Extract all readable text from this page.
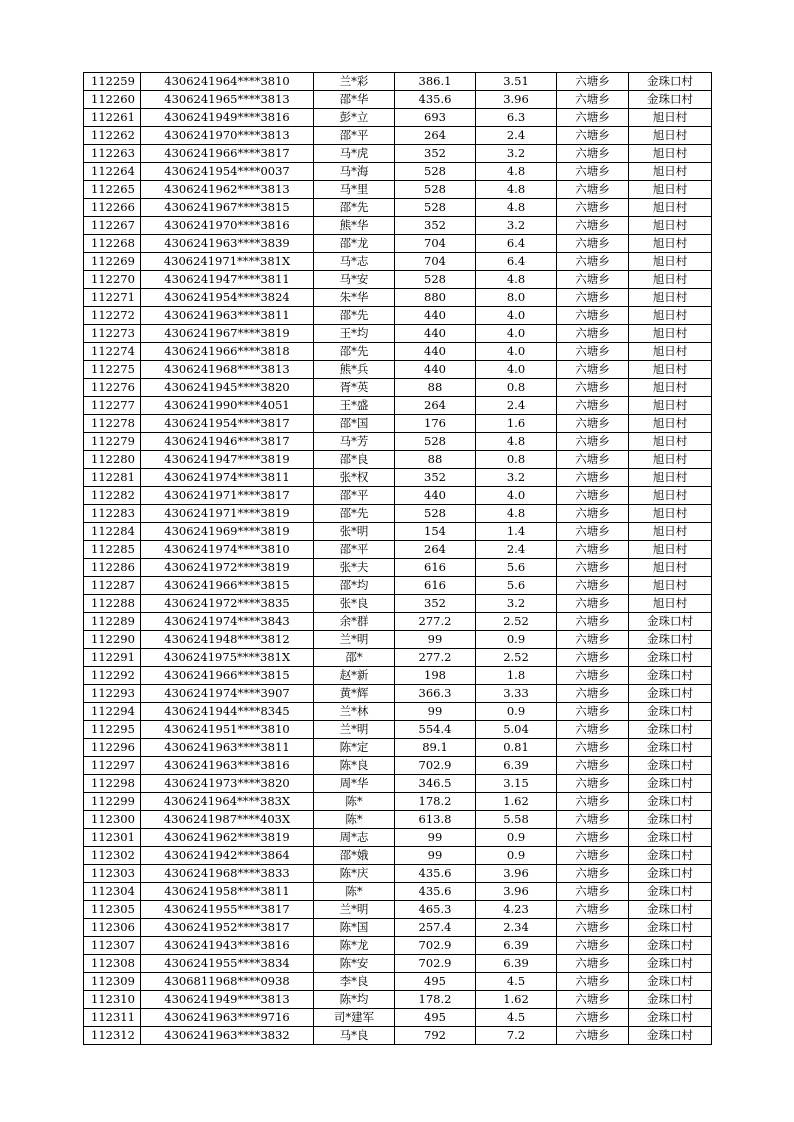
112259	4306241964****3810	兰*彩	386.1	3.51	六塘乡	金珠口村
112260	4306241965****3813	邵*华	435.6	3.96	六塘乡	金珠口村
112261	4306241949****3816	彭*立	693	6.3	六塘乡	旭日村
112262	4306241970****3813	邵*平	264	2.4	六塘乡	旭日村
112263	4306241966****3817	马*虎	352	3.2	六塘乡	旭日村
112264	4306241954****0037	马*海	528	4.8	六塘乡	旭日村
112265	4306241962****3813	马*里	528	4.8	六塘乡	旭日村
112266	4306241967****3815	邵*先	528	4.8	六塘乡	旭日村
112267	4306241970****3816	熊*华	352	3.2	六塘乡	旭日村
112268	4306241963****3839	邵*龙	704	6.4	六塘乡	旭日村
112269	4306241971****381X	马*志	704	6.4	六塘乡	旭日村
112270	4306241947****3811	马*安	528	4.8	六塘乡	旭日村
112271	4306241954****3824	朱*华	880	8.0	六塘乡	旭日村
112272	4306241963****3811	邵*先	440	4.0	六塘乡	旭日村
112273	4306241967****3819	王*均	440	4.0	六塘乡	旭日村
112274	4306241966****3818	邵*先	440	4.0	六塘乡	旭日村
112275	4306241968****3813	熊*兵	440	4.0	六塘乡	旭日村
112276	4306241945****3820	胥*英	88	0.8	六塘乡	旭日村
112277	4306241990****4051	王*盛	264	2.4	六塘乡	旭日村
112278	4306241954****3817	邵*国	176	1.6	六塘乡	旭日村
112279	4306241946****3817	马*芳	528	4.8	六塘乡	旭日村
112280	4306241947****3819	邵*良	88	0.8	六塘乡	旭日村
112281	4306241974****3811	张*权	352	3.2	六塘乡	旭日村
112282	4306241971****3817	邵*平	440	4.0	六塘乡	旭日村
112283	4306241971****3819	邵*先	528	4.8	六塘乡	旭日村
112284	4306241969****3819	张*明	154	1.4	六塘乡	旭日村
112285	4306241974****3810	邵*平	264	2.4	六塘乡	旭日村
112286	4306241972****3819	张*夫	616	5.6	六塘乡	旭日村
112287	4306241966****3815	邵*均	616	5.6	六塘乡	旭日村
112288	4306241972****3835	张*良	352	3.2	六塘乡	旭日村
112289	4306241974****3843	余*群	277.2	2.52	六塘乡	金珠口村
112290	4306241948****3812	兰*明	99	0.9	六塘乡	金珠口村
112291	4306241975****381X	邵*	277.2	2.52	六塘乡	金珠口村
112292	4306241966****3815	赵*新	198	1.8	六塘乡	金珠口村
112293	4306241974****3907	黄*辉	366.3	3.33	六塘乡	金珠口村
112294	4306241944****8345	兰*林	99	0.9	六塘乡	金珠口村
112295	4306241951****3810	兰*明	554.4	5.04	六塘乡	金珠口村
112296	4306241963****3811	陈*定	89.1	0.81	六塘乡	金珠口村
112297	4306241963****3816	陈*良	702.9	6.39	六塘乡	金珠口村
112298	4306241973****3820	周*华	346.5	3.15	六塘乡	金珠口村
112299	4306241964****383X	陈*	178.2	1.62	六塘乡	金珠口村
112300	4306241987****403X	陈*	613.8	5.58	六塘乡	金珠口村
112301	4306241962****3819	周*志	99	0.9	六塘乡	金珠口村
112302	4306241942****3864	邵*娥	99	0.9	六塘乡	金珠口村
112303	4306241968****3833	陈*庆	435.6	3.96	六塘乡	金珠口村
112304	4306241958****3811	陈*	435.6	3.96	六塘乡	金珠口村
112305	4306241955****3817	兰*明	465.3	4.23	六塘乡	金珠口村
112306	4306241952****3817	陈*国	257.4	2.34	六塘乡	金珠口村
112307	4306241943****3816	陈*龙	702.9	6.39	六塘乡	金珠口村
112308	4306241955****3834	陈*安	702.9	6.39	六塘乡	金珠口村
112309	4306811968****0938	李*良	495	4.5	六塘乡	金珠口村
112310	4306241949****3813	陈*均	178.2	1.62	六塘乡	金珠口村
112311	4306241963****9716	司*建军	495	4.5	六塘乡	金珠口村
112312	4306241963****3832	马*良	792	7.2	六塘乡	金珠口村
